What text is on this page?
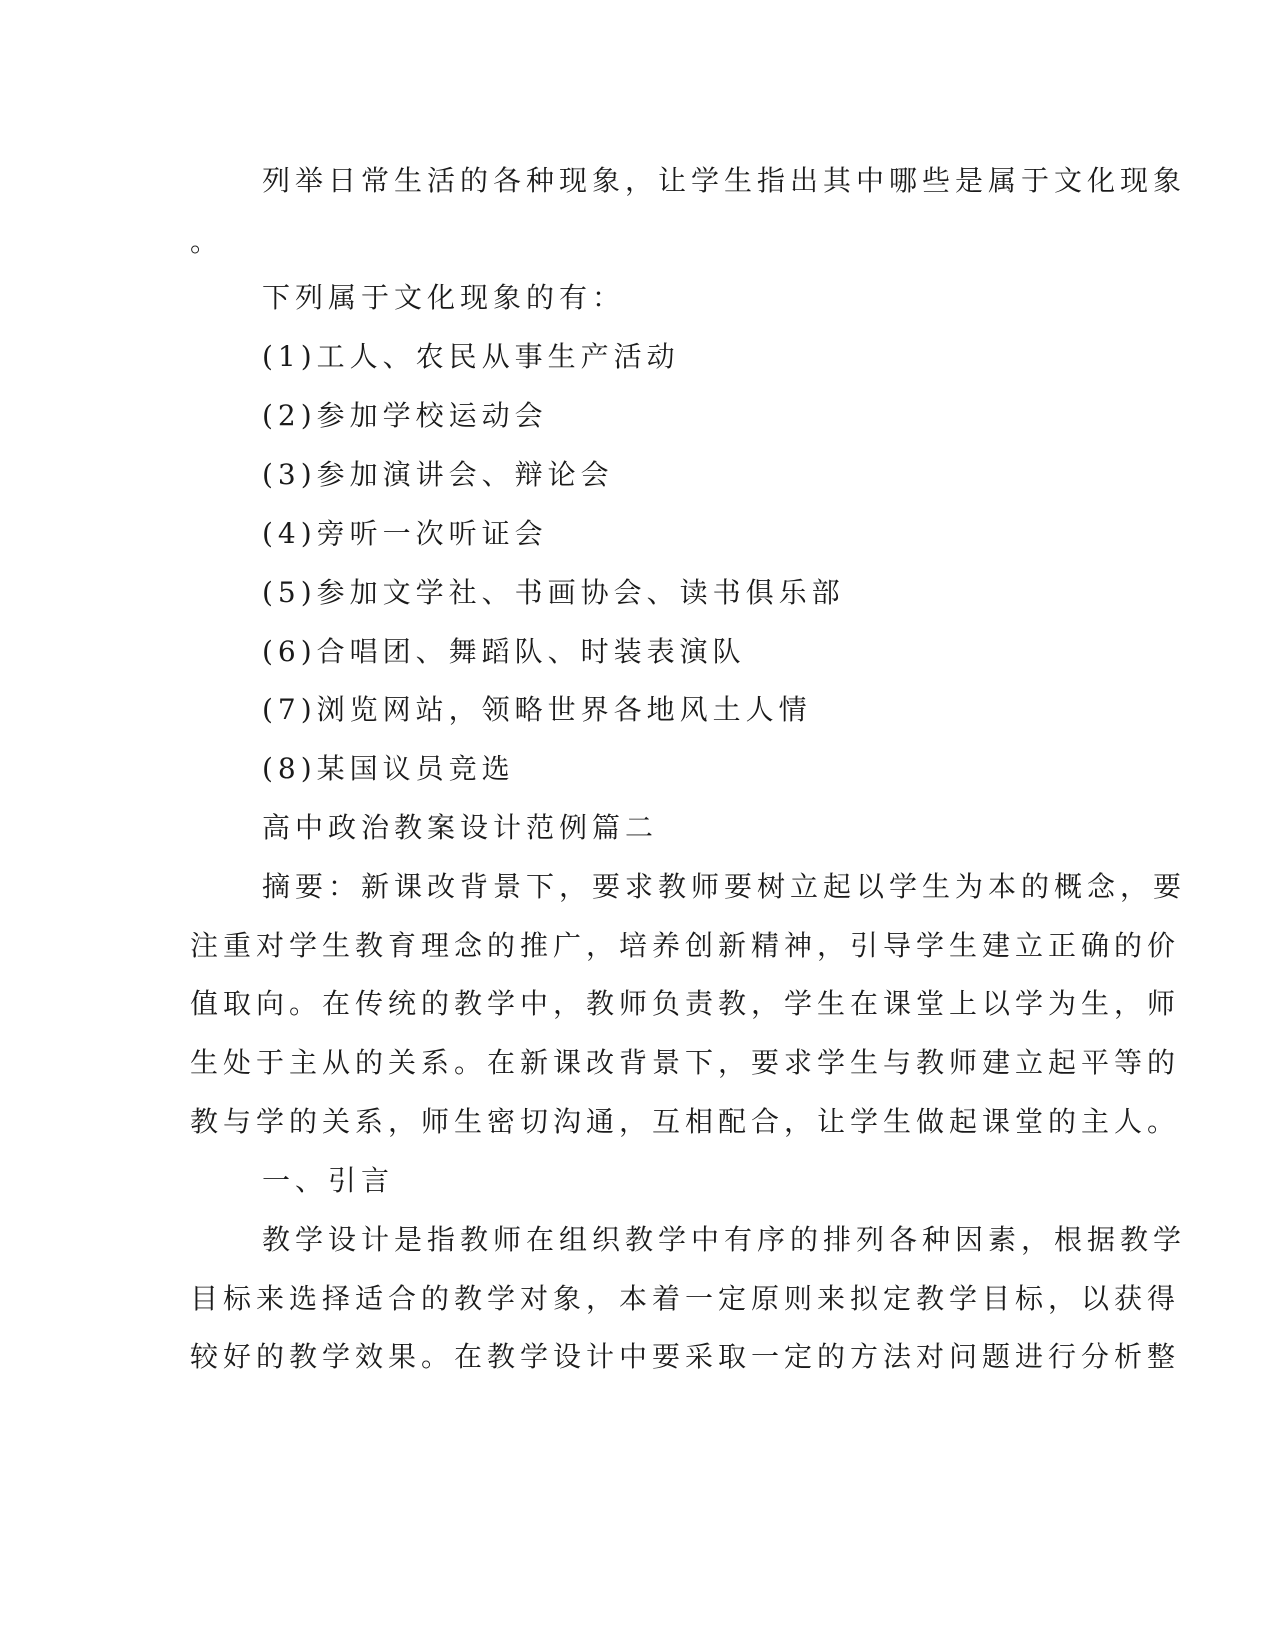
列举日常生活的各种现象，让学生指出其中哪些是属于文化现象
。
下列属于文化现象的有：
(1)工人、农民从事生产活动
(2)参加学校运动会
(3)参加演讲会、辩论会
(4)旁听一次听证会
(5)参加文学社、书画协会、读书俱乐部
(6)合唱团、舞蹈队、时装表演队
(7)浏览网站，领略世界各地风土人情
(8)某国议员竞选
高中政治教案设计范例篇二
摘要：新课改背景下，要求教师要树立起以学生为本的概念，要
注重对学生教育理念的推广，培养创新精神，引导学生建立正确的价
值取向。在传统的教学中，教师负责教，学生在课堂上以学为生，师
生处于主从的关系。在新课改背景下，要求学生与教师建立起平等的
教与学的关系，师生密切沟通，互相配合，让学生做起课堂的主人。
一、引言
教学设计是指教师在组织教学中有序的排列各种因素，根据教学
目标来选择适合的教学对象，本着一定原则来拟定教学目标，以获得
较好的教学效果。在教学设计中要采取一定的方法对问题进行分析整
